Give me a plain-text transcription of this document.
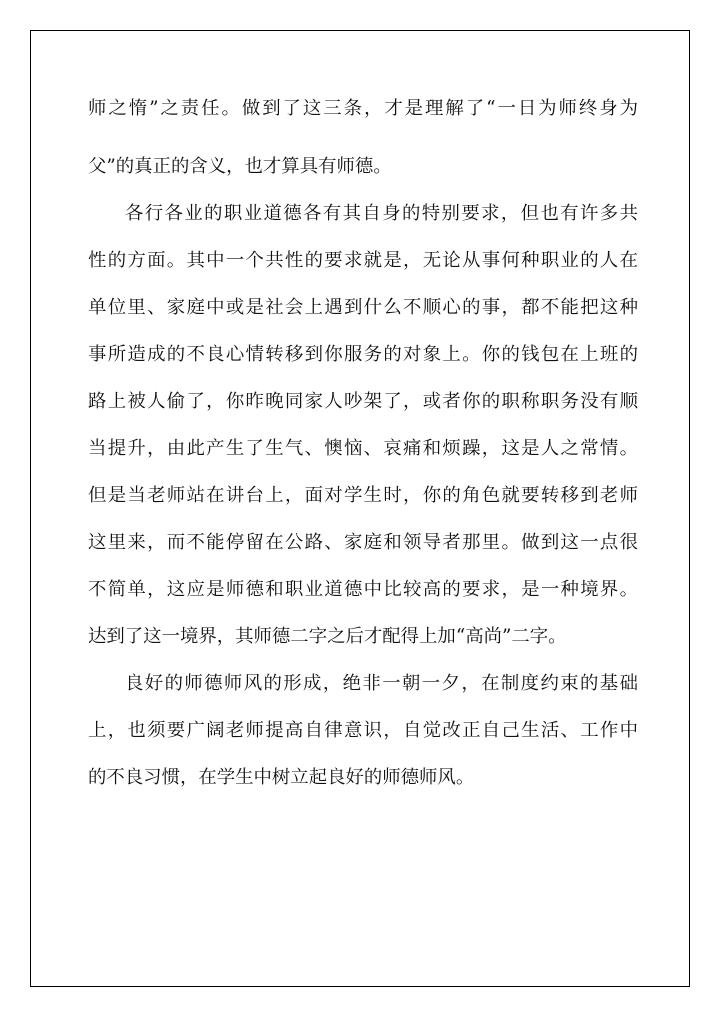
师之惰”之责任。做到了这三条，才是理解了“一日为师终身为
父”的真正的含义，也才算具有师德。
各行各业的职业道德各有其自身的特别要求，但也有许多共
性的方面。其中一个共性的要求就是，无论从事何种职业的人在
单位里、家庭中或是社会上遇到什么不顺心的事，都不能把这种
事所造成的不良心情转移到你服务的对象上。你的钱包在上班的
路上被人偷了，你昨晚同家人吵架了，或者你的职称职务没有顺
当提升，由此产生了生气、懊恼、哀痛和烦躁，这是人之常情。
但是当老师站在讲台上，面对学生时，你的角色就要转移到老师
这里来，而不能停留在公路、家庭和领导者那里。做到这一点很
不简单，这应是师德和职业道德中比较高的要求，是一种境界。
达到了这一境界，其师德二字之后才配得上加“高尚”二字。
良好的师德师风的形成，绝非一朝一夕，在制度约束的基础
上，也须要广阔老师提高自律意识，自觉改正自己生活、工作中
的不良习惯，在学生中树立起良好的师德师风。
